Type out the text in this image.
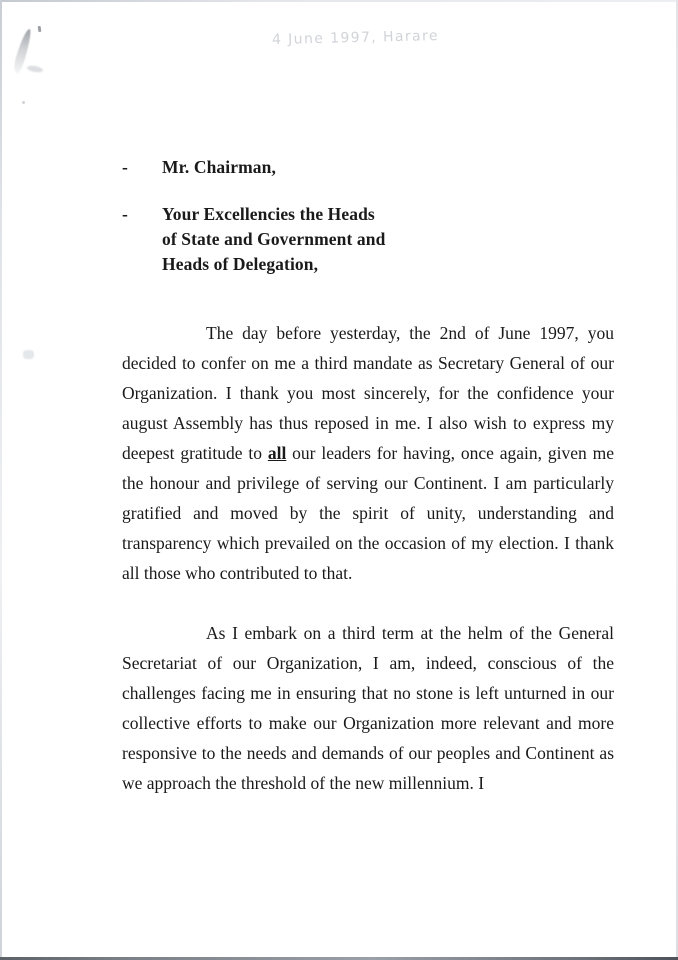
4 June 1997, Harare
-	Mr. Chairman,
-	Your Excellencies the Heads
of State and Government and
Heads of Delegation,

The day before yesterday, the 2nd of June 1997, you decided to confer on me a third mandate as Secretary General of our Organization. I thank you most sincerely, for the confidence your august Assembly has thus reposed in me. I also wish to express my deepest gratitude to all our leaders for having, once again, given me the honour and privilege of serving our Continent. I am particularly gratified and moved by the spirit of unity, understanding and transparency which prevailed on the occasion of my election. I thank all those who contributed to that.

As I embark on a third term at the helm of the General Secretariat of our Organization, I am, indeed, conscious of the challenges facing me in ensuring that no stone is left unturned in our collective efforts to make our Organization more relevant and more responsive to the needs and demands of our peoples and Continent as we approach the threshold of the new millennium. I
